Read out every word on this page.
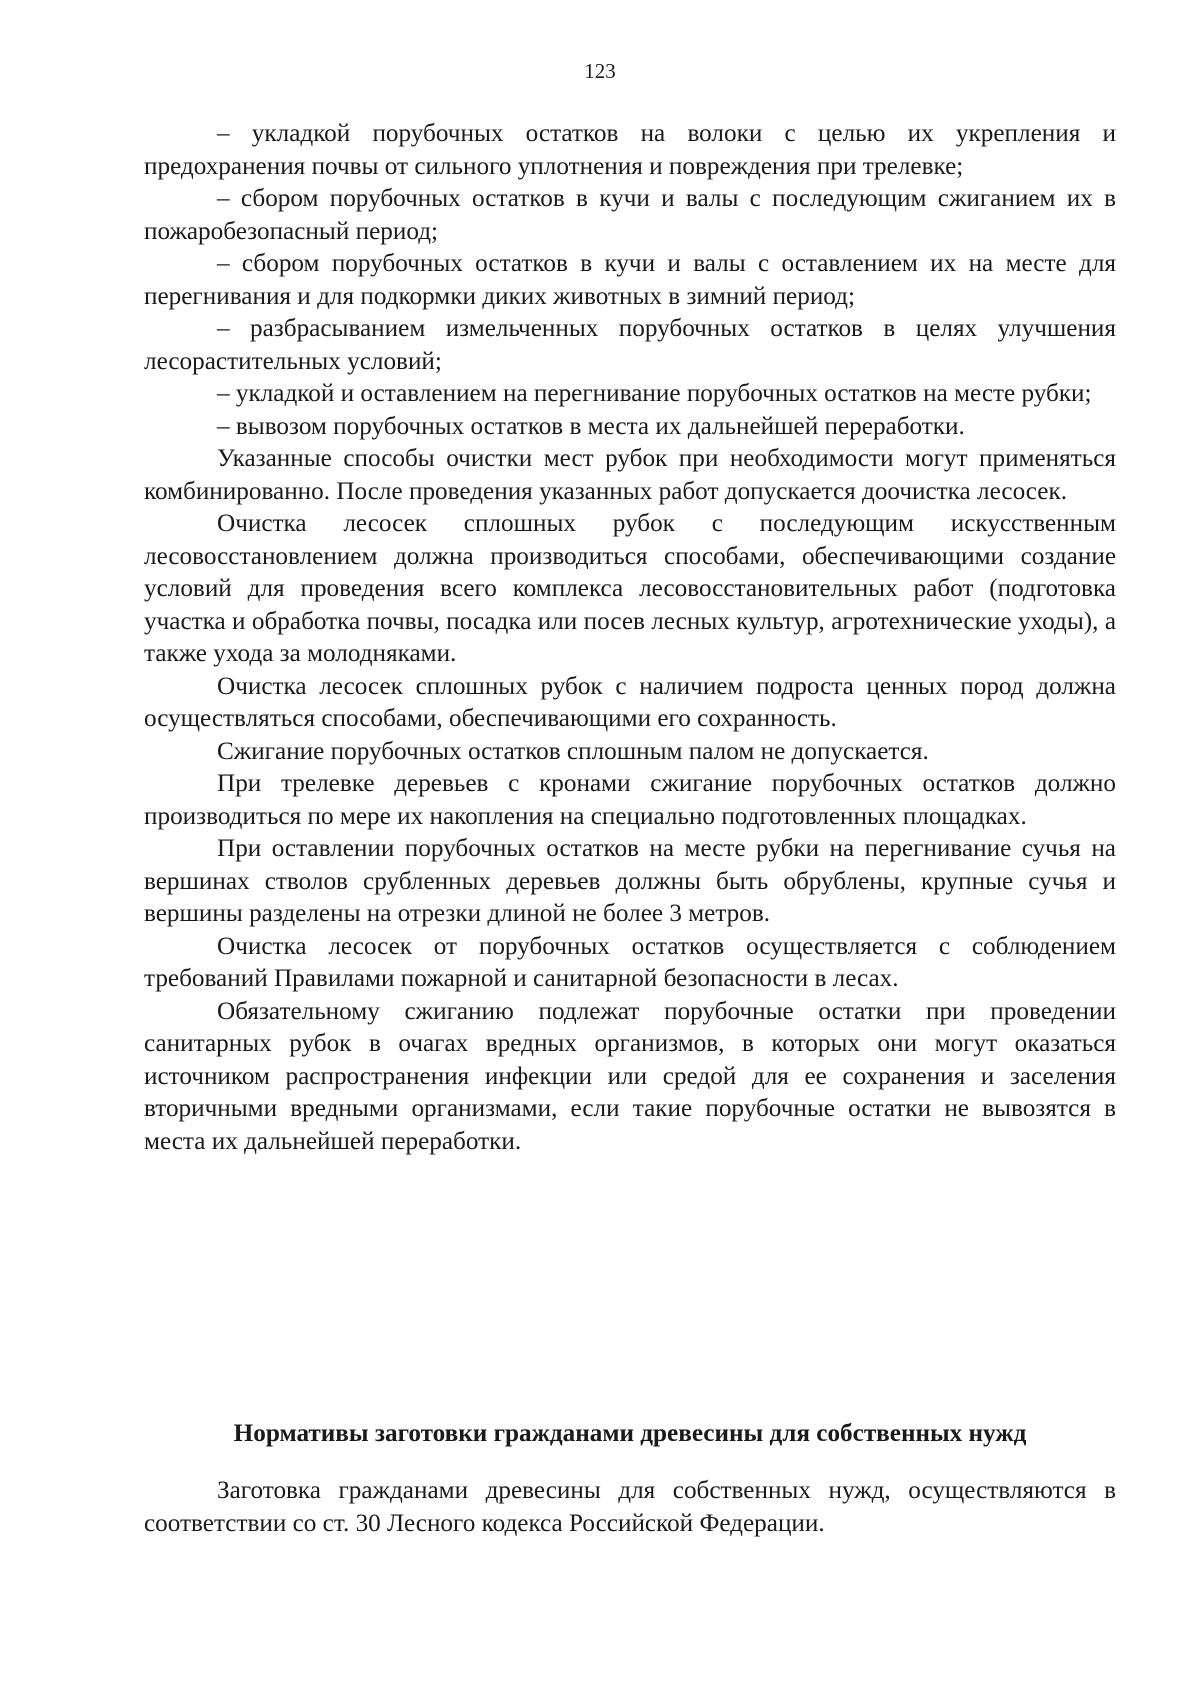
123

– укладкой порубочных остатков на волоки с целью их укрепления и предохранения почвы от сильного уплотнения и повреждения при трелевке;

– сбором порубочных остатков в кучи и валы с последующим сжиганием их в пожаробезопасный период;

– сбором порубочных остатков в кучи и валы с оставлением их на месте для перегнивания и для подкормки диких животных в зимний период;

– разбрасыванием измельченных порубочных остатков в целях улучшения лесорастительных условий;

– укладкой и оставлением на перегнивание порубочных остатков на месте рубки;

– вывозом порубочных остатков в места их дальнейшей переработки.

Указанные способы очистки мест рубок при необходимости могут применяться комбинированно. После проведения указанных работ допускается доочистка лесосек.

Очистка лесосек сплошных рубок с последующим искусственным лесовосстановлением должна производиться способами, обеспечивающими создание условий для проведения всего комплекса лесовосстановительных работ (подготовка участка и обработка почвы, посадка или посев лесных культур, агротехнические уходы), а также ухода за молодняками.

Очистка лесосек сплошных рубок с наличием подроста ценных пород должна осуществляться способами, обеспечивающими его сохранность.

Сжигание порубочных остатков сплошным палом не допускается.

При трелевке деревьев с кронами сжигание порубочных остатков должно производиться по мере их накопления на специально подготовленных площадках.

При оставлении порубочных остатков на месте рубки на перегнивание сучья на вершинах стволов срубленных деревьев должны быть обрублены, крупные сучья и вершины разделены на отрезки длиной не более 3 метров.

Очистка лесосек от порубочных остатков осуществляется с соблюдением требований Правилами пожарной и санитарной безопасности в лесах.

Обязательному сжиганию подлежат порубочные остатки при проведении санитарных рубок в очагах вредных организмов, в которых они могут оказаться источником распространения инфекции или средой для ее сохранения и заселения вторичными вредными организмами, если такие порубочные остатки не вывозятся в места их дальнейшей переработки.

Нормативы заготовки гражданами древесины для собственных нужд

Заготовка гражданами древесины для собственных нужд, осуществляются в соответствии со ст. 30 Лесного кодекса Российской Федерации.
